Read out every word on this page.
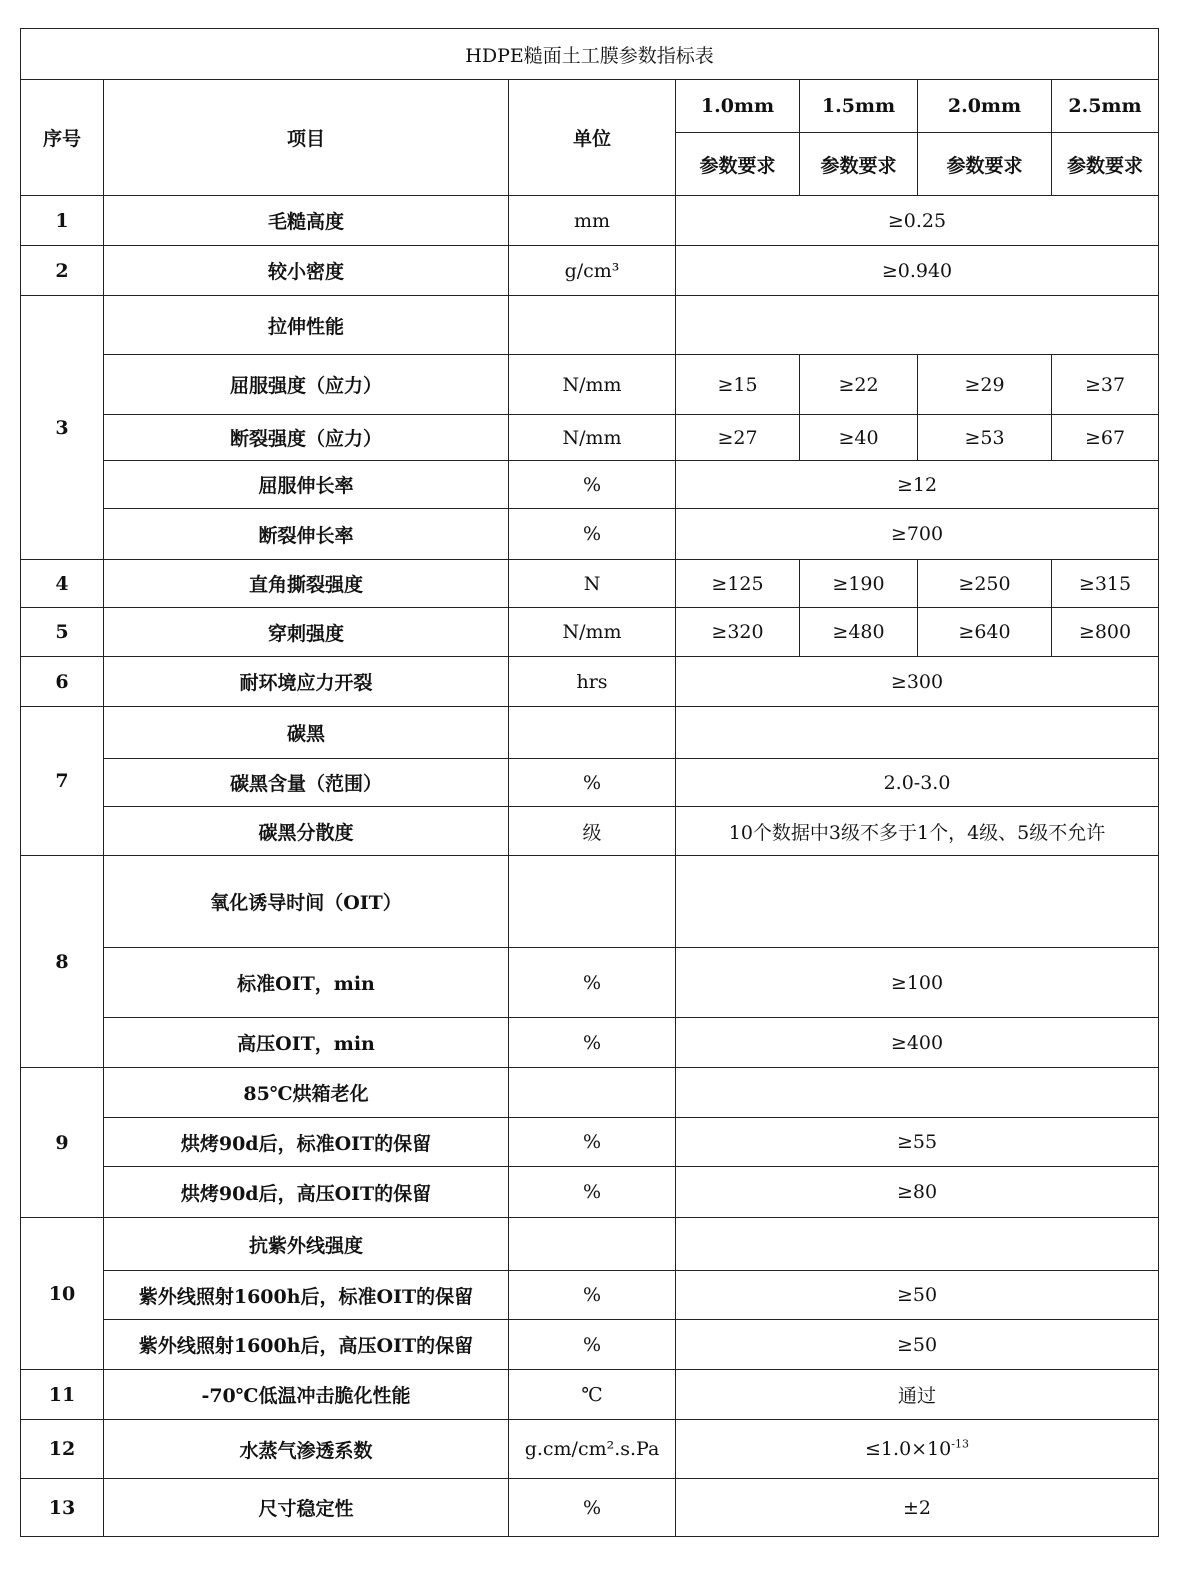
HDPE糙面土工膜参数指标表						
序号	项目	单位	1.0mm	1.5mm	2.0mm	2.5mm
			参数要求	参数要求	参数要求	参数要求
1	毛糙高度	mm	≥0.25			
2	较小密度	g/cm³	≥0.940			
3	拉伸性能					
	屈服强度（应力）	N/mm	≥15	≥22	≥29	≥37
	断裂强度（应力）	N/mm	≥27	≥40	≥53	≥67
	屈服伸长率	%	≥12			
	断裂伸长率	%	≥700			
4	直角撕裂强度	N	≥125	≥190	≥250	≥315
5	穿刺强度	N/mm	≥320	≥480	≥640	≥800
6	耐环境应力开裂	hrs	≥300			
7	碳黑					
	碳黑含量（范围）	%	2.0-3.0			
	碳黑分散度	级	10个数据中3级不多于1个，4级、5级不允许			
8	氧化诱导时间（OIT）					
	标准OIT，min	%	≥100			
	高压OIT，min	%	≥400			
9	85℃烘箱老化					
	烘烤90d后，标准OIT的保留	%	≥55			
	烘烤90d后，高压OIT的保留	%	≥80			
10	抗紫外线强度					
	紫外线照射1600h后，标准OIT的保留	%	≥50			
	紫外线照射1600h后，高压OIT的保留	%	≥50			
11	-70℃低温冲击脆化性能	℃	通过			
12	水蒸气渗透系数	g.cm/cm².s.Pa	$\le 1.0\times 10^{-13}$
13	尺寸稳定性	%	±2			
